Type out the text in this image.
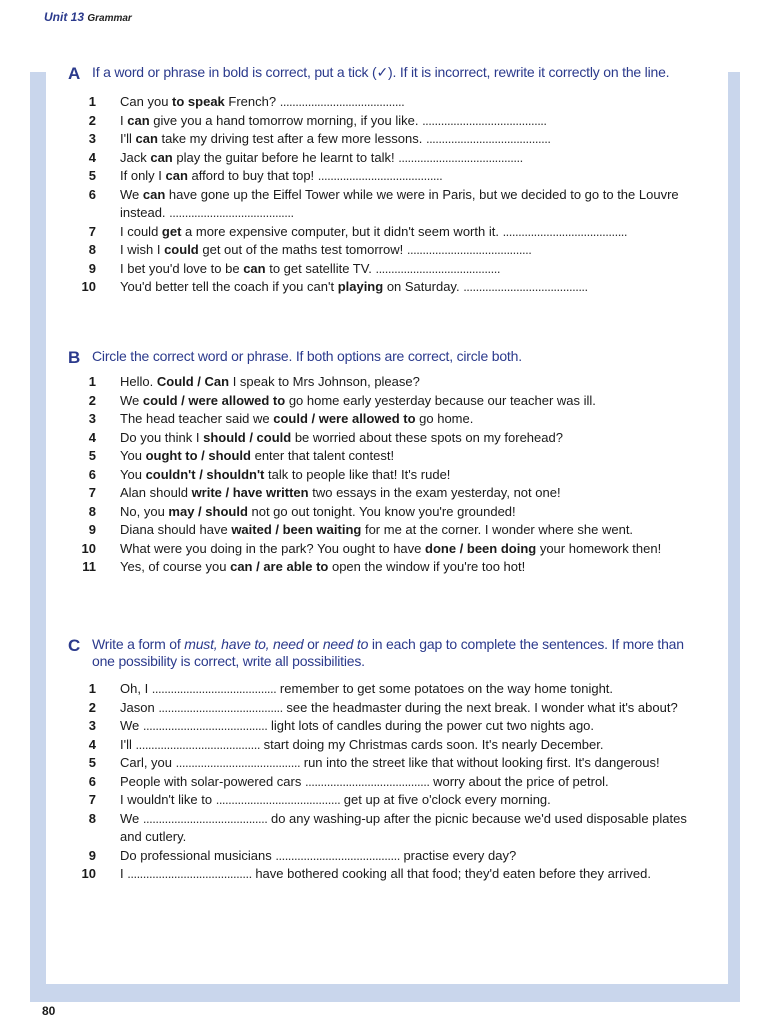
Unit 13 Grammar
A If a word or phrase in bold is correct, put a tick (✓). If it is incorrect, rewrite it correctly on the line.
1 Can you to speak French? ........................................
2 I can give you a hand tomorrow morning, if you like. ........................................
3 I'll can take my driving test after a few more lessons. ........................................
4 Jack can play the guitar before he learnt to talk! ........................................
5 If only I can afford to buy that top! ........................................
6 We can have gone up the Eiffel Tower while we were in Paris, but we decided to go to the Louvre instead. ........................................
7 I could get a more expensive computer, but it didn't seem worth it. ........................................
8 I wish I could get out of the maths test tomorrow! ........................................
9 I bet you'd love to be can to get satellite TV. ........................................
10 You'd better tell the coach if you can't playing on Saturday. ........................................
B Circle the correct word or phrase. If both options are correct, circle both.
1 Hello. Could / Can I speak to Mrs Johnson, please?
2 We could / were allowed to go home early yesterday because our teacher was ill.
3 The head teacher said we could / were allowed to go home.
4 Do you think I should / could be worried about these spots on my forehead?
5 You ought to / should enter that talent contest!
6 You couldn't / shouldn't talk to people like that! It's rude!
7 Alan should write / have written two essays in the exam yesterday, not one!
8 No, you may / should not go out tonight. You know you're grounded!
9 Diana should have waited / been waiting for me at the corner. I wonder where she went.
10 What were you doing in the park? You ought to have done / been doing your homework then!
11 Yes, of course you can / are able to open the window if you're too hot!
C Write a form of must, have to, need or need to in each gap to complete the sentences. If more than one possibility is correct, write all possibilities.
1 Oh, I ........................................ remember to get some potatoes on the way home tonight.
2 Jason ........................................ see the headmaster during the next break. I wonder what it's about?
3 We ........................................ light lots of candles during the power cut two nights ago.
4 I'll ........................................ start doing my Christmas cards soon. It's nearly December.
5 Carl, you ........................................ run into the street like that without looking first. It's dangerous!
6 People with solar-powered cars ........................................ worry about the price of petrol.
7 I wouldn't like to ........................................ get up at five o'clock every morning.
8 We ........................................ do any washing-up after the picnic because we'd used disposable plates and cutlery.
9 Do professional musicians ........................................ practise every day?
10 I ........................................ have bothered cooking all that food; they'd eaten before they arrived.
80
